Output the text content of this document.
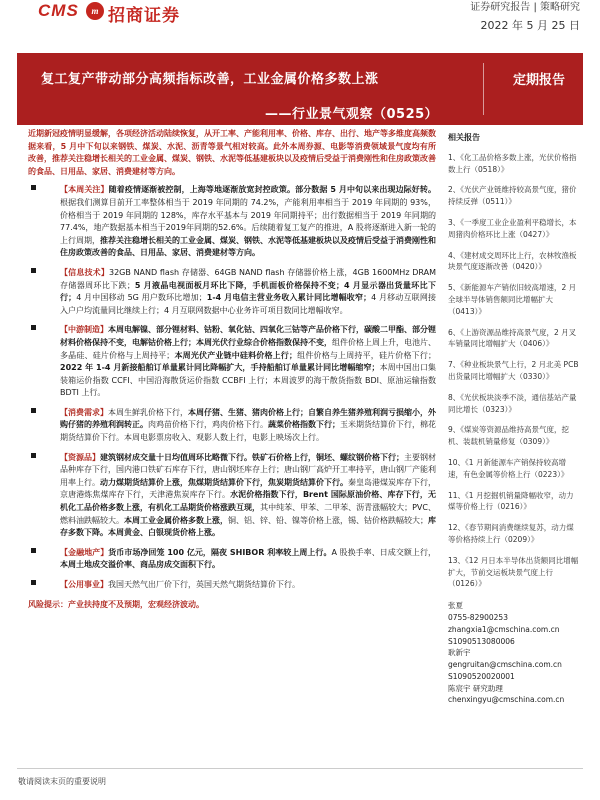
CMS	m 招商证券	证券研究报告 | 策略研究
2022 年 5 月 25 日
复工复产带动部分高频指标改善，工业金属价格多数上涨
——行业景气观察（0525）
定期报告

近期新冠疫情明显缓解，各项经济活动陆续恢复，从开工率、产能利用率、价格、库存、出行、地产等多维度高频数据来看，5 月中下旬以来钢铁、煤炭、水泥、沥青等景气相对较高。此外本周券源、电影等消费领域景气度均有所改善，推荐关注稳增长相关的工业金属、煤炭、钢铁、水泥等低基建板块以及疫情后受益于消费刚性和住房政策改善的食品、日用品、家居、消费建材等方向。

【本周关注】随着疫情逐渐被控制，上海等地逐渐放宽封控政策。部分数据 5 月中旬以来出现边际好转。根据我们测算目前开工率整体相当于 2019 年同期的 74.2%，产能利用率相当于 2019 年同期的 93%，价格相当于 2019 年同期的 128%，库存水平基本与 2019 年同期持平；出行数据相当于 2019 年同期的 77.4%，地产数据基本相当于2019年同期的52.6%。后续随着复工复产的推进，A 股将逐渐进入新一轮的上行周期，推荐关注稳增长相关的工业金属、煤炭、钢铁、水泥等低基建板块以及疫情后受益于消费刚性和住房政策改善的食品、日用品、家居、消费建材等方向。
【信息技术】32GB NAND flash 存储器、64GB NAND flash 存储器价格上涨，4GB 1600MHz DRAM 存储器周环比下跌；5 月液晶电视面板月环比下降，手机面板价格保持不变；4 月显示器出货量环比下行；4 月中国移动 5G 用户数环比增加；1-4 月电信主营业务收入累计同比增幅收窄；4 月移动互联网接入户户均流量同比继续上行；4 月互联网数据中心业务许可项目数同比增幅收窄。
【中游制造】本周电解镍、部分锂材料、钴粉、氧化钴、四氧化三钴等产品价格下行，碳酸二甲酯、部分锂材料价格保持不变，电解钴价格上行；本周光伏行业综合价格指数保持不变，组件价格上周上升，电池片、多晶硅、硅片价格与上周持平；本周光伏产业链中硅料价格上行；组件价格与上周持平，硅片价格下行；2022 年 1-4 月新接船舶订单量累计同比降幅扩大，手持船舶订单量累计同比增幅缩窄；本周中国出口集装箱运价指数 CCFI、中国沿海散货运价指数 CCBFI 上行；本周波罗的海干散货指数 BDI、原油运输指数 BDTI 上行。
【消费需求】本周生鲜乳价格下行，本周仔猪、生猪、猪肉价格上行；自繁自养生猪养殖利润亏损缩小，外购仔猪的养殖利润转正。肉鸡苗价格下行，鸡肉价格下行。蔬菜价格指数下行；玉米期货结算价下行，棉花期货结算价下行。本周电影票房收入、观影人数上行，电影上映场次上行。
【资源品】建筑钢材成交量十日均值周环比略微下行。铁矿石价格上行，铜坯、螺纹钢价格下行；主要钢材品种库存下行，国内港口铁矿石库存下行，唐山钢坯库存上行；唐山钢厂高炉开工率持平，唐山钢厂产能利用率上行。动力煤期货结算价上涨，焦煤期货结算价下行，焦炭期货结算价下行。秦皇岛港煤炭库存下行，京唐港炼焦煤库存下行，天津港焦炭库存下行。水泥价格指数下行，Brent 国际原油价格、库存下行，无机化工品价格多数上涨，有机化工品期货价格涨跌互现，其中纯苯、甲苯、二甲苯、沥青涨幅较大；PVC、燃料油跌幅较大。本周工业金属价格多数上涨，铜、铝、锌、铅、镍等价格上涨，锡、钴价格跌幅较大；库存多数下降。本周黄金、白银现货价格上涨。
【金融地产】货币市场净回笼 100 亿元，隔夜 SHIBOR 利率较上周上行。A 股换手率、日成交额上行，本周土地成交溢价率、商品房成交面积下行。
【公用事业】我国天然气出厂价下行，英国天然气期货结算价下行。

风险提示：产业扶持度不及预期，宏观经济波动。

相关报告
1、《化工品价格多数上涨，光伏价格指数上行（0518）》
2、《光伏产业链维持较高景气度，猪价持续反弹（0511）》
3、《一季度工业企业盈利平稳增长，本周猪肉价格环比上涨（0427）》
4、《建材成交周环比上行，农林牧渔板块景气度逐渐改善（0420）》
5、《新能源车产销依旧较高增速，2 月全球半导体销售额同比增幅扩大（0413）》
6、《上游资源品维持高景气度，2 月叉车销量同比增幅扩大（0406）》
7、《种业板块景气上行，2 月北美 PCB 出货量同比增幅扩大（0330）》
8、《光伏板块淡季不淡，通信基站产量同比增长（0323）》
9、《煤炭等资源品维持高景气度，挖机、装载机销量修复（0309）》
10、《1 月新能源车产销保持较高增速，有色金属等价格上行（0223）》
11、《1 月挖掘机销量降幅收窄，动力煤等价格上行（0216）》
12、《春节期间消费继续复苏，动力煤等价格持续上行（0209）》
13、《12 月日本半导体出货额同比增幅扩大，节前交运板块景气度上行（0126）》
张夏
0755-82900253
zhangxia1@cmschina.com.cn
S1090513080006
耿新宇
gengruitan@cmschina.com.cn
S1090520020001
陈宸宇 研究助理
chenxingyu@cmschina.com.cn
敬请阅读末页的重要说明
